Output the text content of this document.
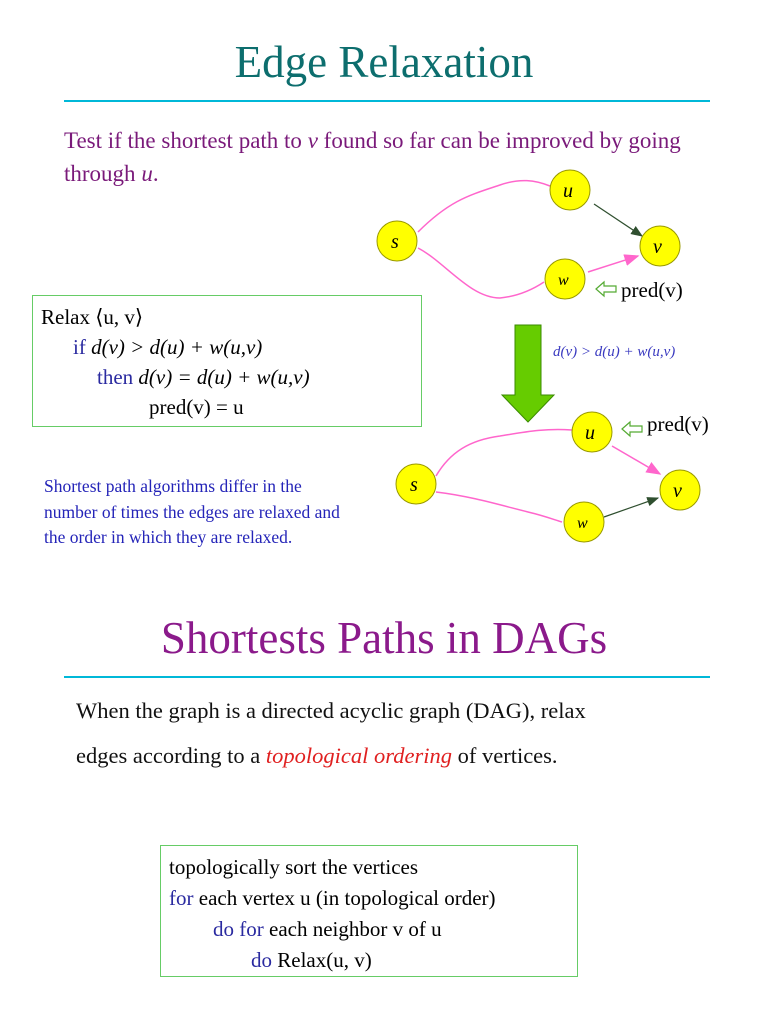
Edge Relaxation
Test if the shortest path to v found so far can be improved by going through u.
Relax ⟨u, v⟩
if d(v) > d(u) + w(u,v)
then d(v) = d(u) + w(u,v)
pred(v) = u
Shortest path algorithms differ in the number of times the edges are relaxed and the order in which they are relaxed.
d(v) > d(u) + w(u,v)
s
u
v
w pred(v)
s
u
v
w
pred(v)
Shortests Paths in DAGs
When the graph is a directed acyclic graph (DAG), relax
edges according to a topological ordering of vertices.
topologically sort the vertices
for each vertex u (in topological order)
do for each neighbor v of u
do Relax(u, v)
